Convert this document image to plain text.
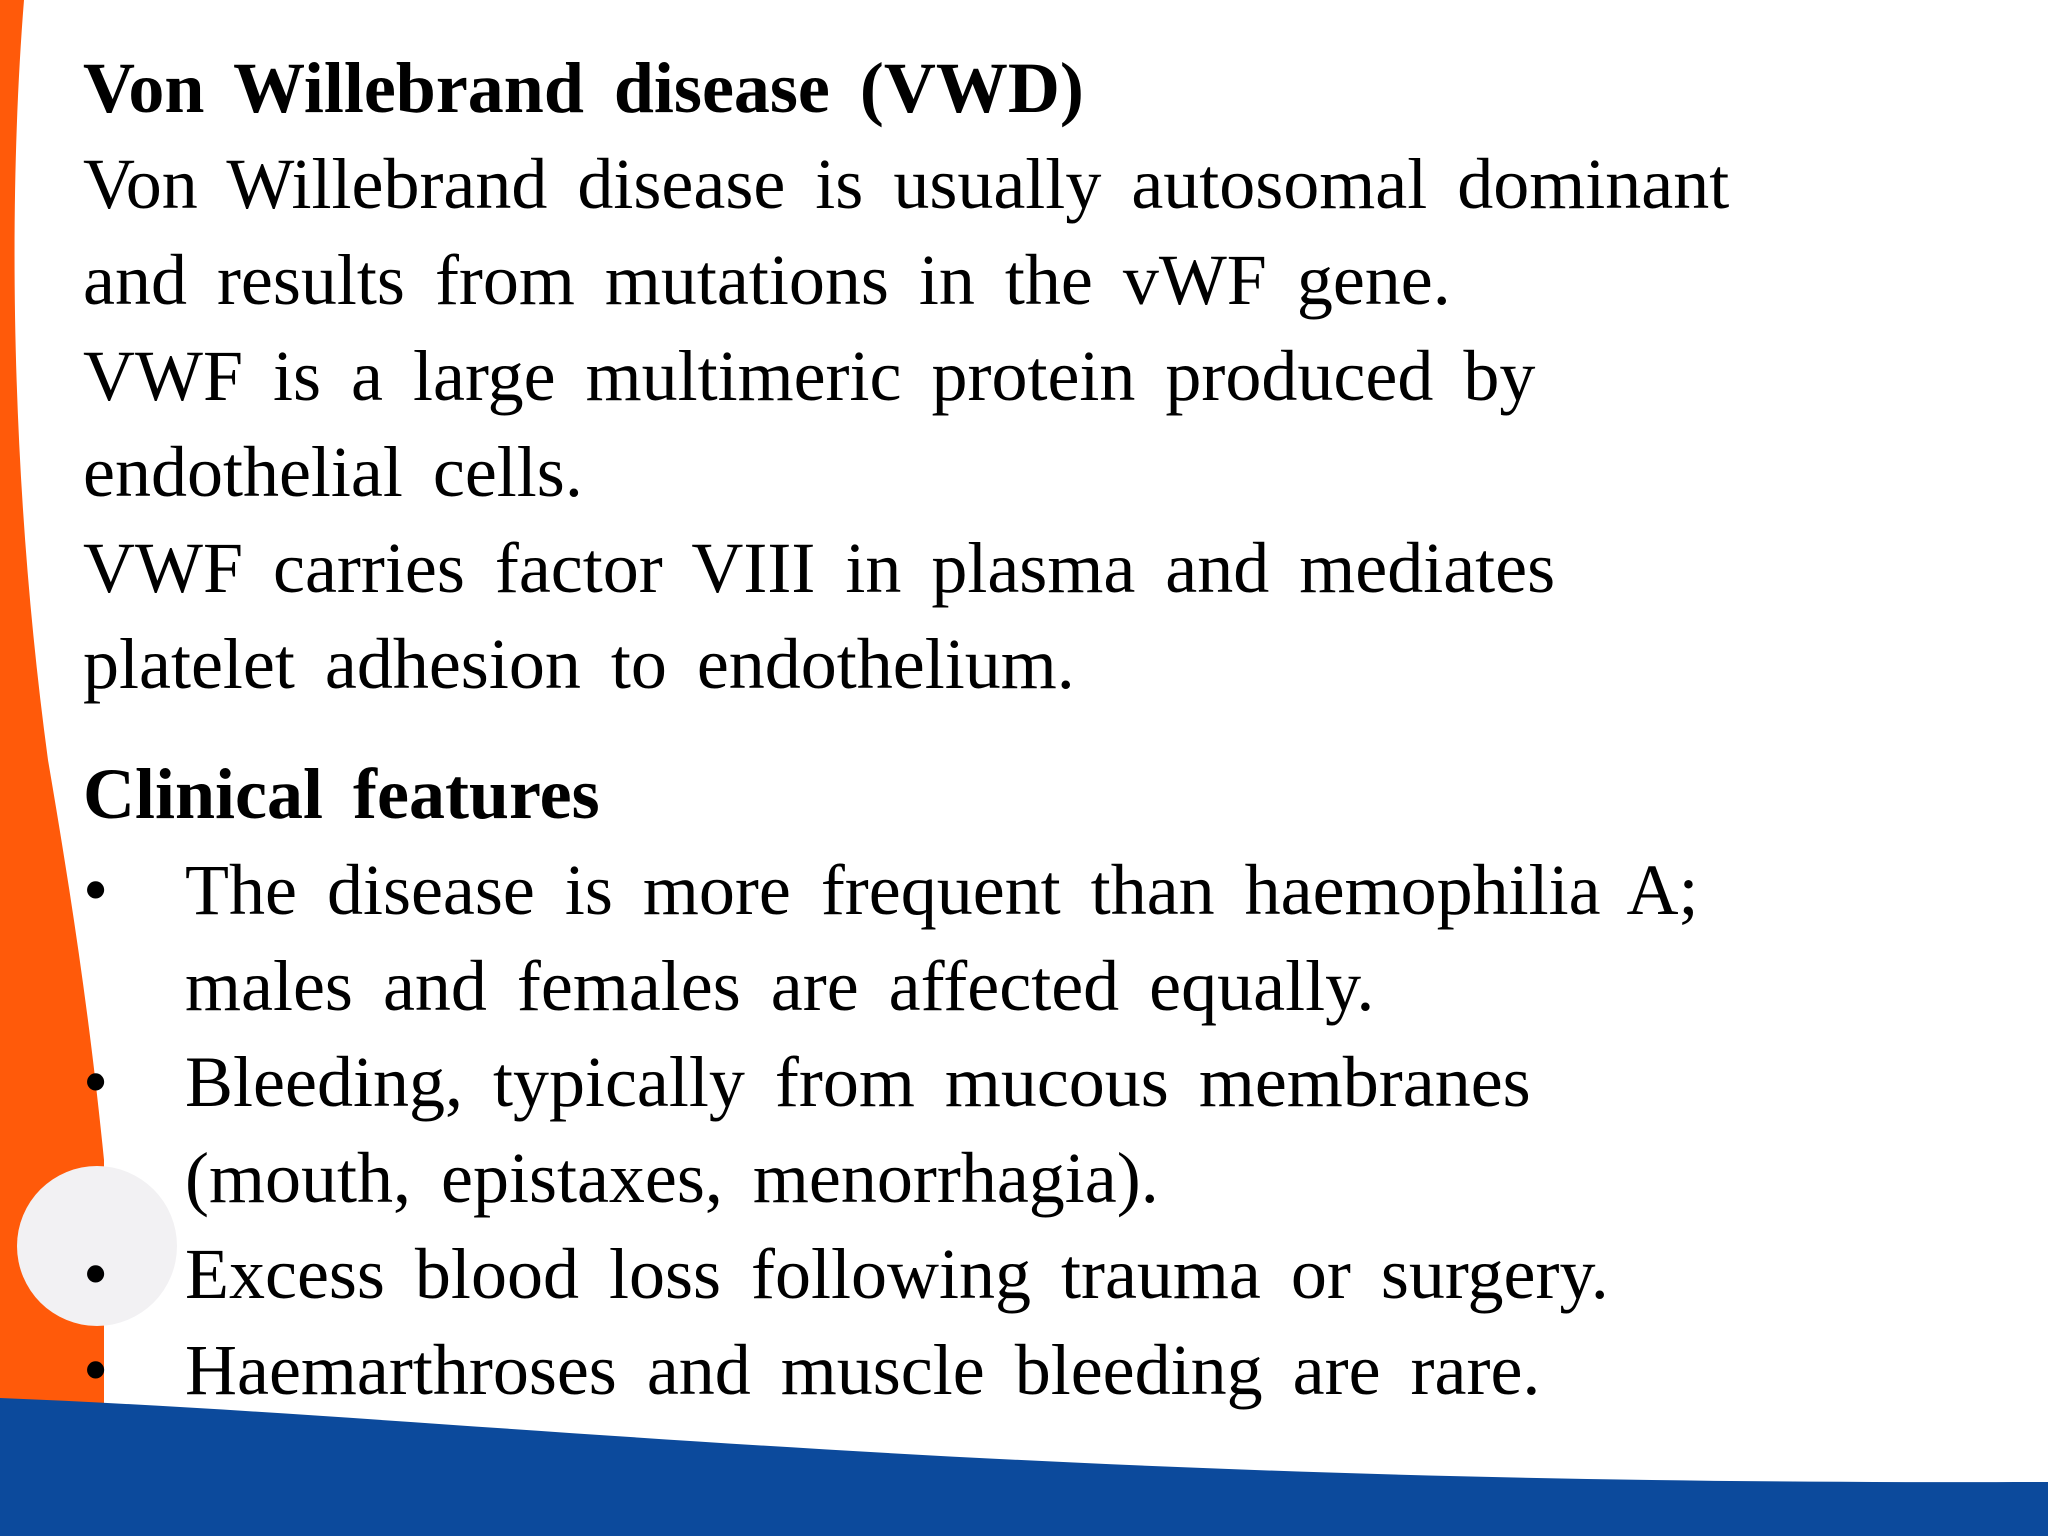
Von Willebrand disease (VWD)
Von Willebrand disease is usually autosomal dominant
and results from mutations in the vWF gene.
VWF is a large multimeric protein produced by
endothelial cells.
VWF carries factor VIII in plasma and mediates
platelet adhesion to endothelium.
Clinical features
• The disease is more frequent than haemophilia A;
males and females are affected equally.
• Bleeding, typically from mucous membranes
(mouth, epistaxes, menorrhagia).
• Excess blood loss following trauma or surgery.
• Haemarthroses and muscle bleeding are rare.
